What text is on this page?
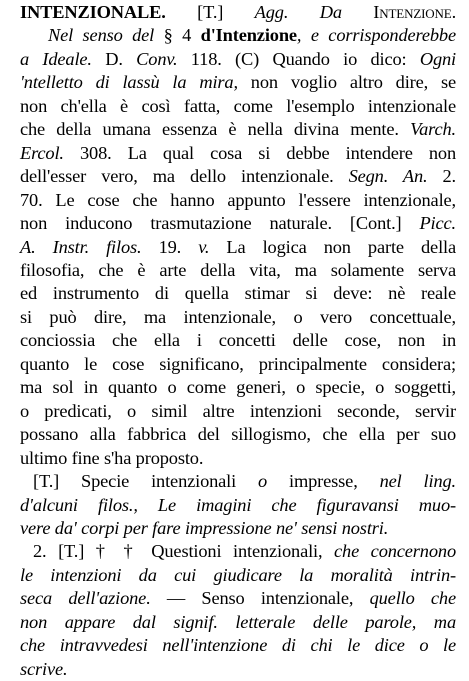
INTENZIONALE. [T.] Agg. Da Intenzione.
Nel senso del § 4 d'Intenzione, e corrisponderebbe
a Ideale. D. Conv. 118. (C) Quando io dico: Ogni
'ntelletto di lassù la mira, non voglio altro dire, se
non ch'ella è così fatta, come l'esemplo intenzionale
che della umana essenza è nella divina mente. Varch.
Ercol. 308. La qual cosa si debbe intendere non
dell'esser vero, ma dello intenzionale. Segn. An. 2.
70. Le cose che hanno appunto l'essere intenzionale,
non inducono trasmutazione naturale. [Cont.] Picc.
A. Instr. filos. 19. v. La logica non parte della
filosofia, che è arte della vita, ma solamente serva
ed instrumento di quella stimar si deve: nè reale
si può dire, ma intenzionale, o vero concettuale,
conciossia che ella i concetti delle cose, non in
quanto le cose significano, principalmente considera;
ma sol in quanto o come generi, o specie, o soggetti,
o predicati, o simil altre intenzioni seconde, servir
possano alla fabbrica del sillogismo, che ella per suo
ultimo fine s'ha proposto.
[T.] Specie intenzionali o impresse, nel ling.
d'alcuni filos., Le imagini che figuravansi muo-
vere da' corpi per fare impressione ne' sensi nostri.
2. [T.] † † Questioni intenzionali, che concernono
le intenzioni da cui giudicare la moralità intrin-
seca dell'azione. — Senso intenzionale, quello che
non appare dal signif. letterale delle parole, ma
che intravvedesi nell'intenzione di chi le dice o le
scrive.
